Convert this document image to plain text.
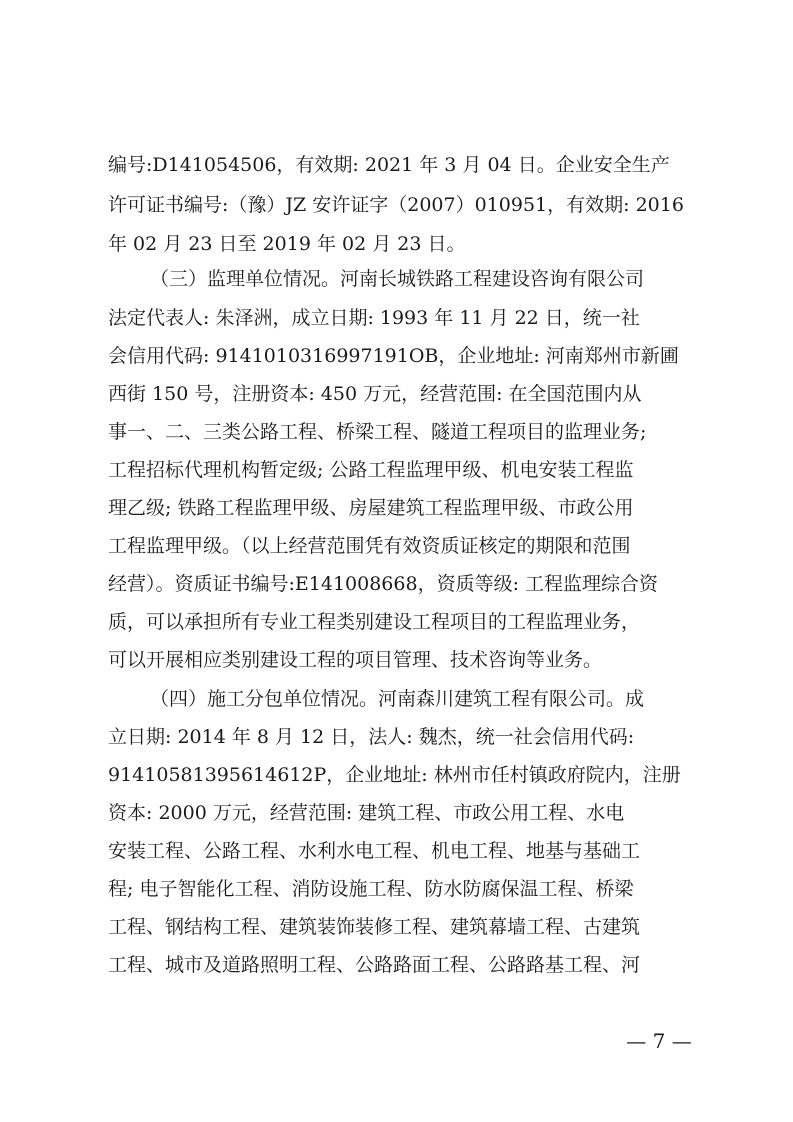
编号:D141054506，有效期: 2021 年 3 月 04 日。企业安全生产
许可证书编号:（豫）JZ 安许证字（2007）010951，有效期: 2016
年 02 月 23 日至 2019 年 02 月 23 日。
（三）监理单位情况。河南长城铁路工程建设咨询有限公司
法定代表人: 朱泽洲，成立日期: 1993 年 11 月 22 日，统一社
会信用代码: 9141010316997191OB，企业地址: 河南郑州市新圃
西街 150 号，注册资本: 450 万元，经营范围: 在全国范围内从
事一、二、三类公路工程、桥梁工程、隧道工程项目的监理业务;
工程招标代理机构暂定级; 公路工程监理甲级、机电安装工程监
理乙级; 铁路工程监理甲级、房屋建筑工程监理甲级、市政公用
工程监理甲级。（以上经营范围凭有效资质证核定的期限和范围
经营）。资质证书编号:E141008668，资质等级: 工程监理综合资
质，可以承担所有专业工程类别建设工程项目的工程监理业务，
可以开展相应类别建设工程的项目管理、技术咨询等业务。
（四）施工分包单位情况。河南森川建筑工程有限公司。成
立日期: 2014 年 8 月 12 日，法人: 魏杰，统一社会信用代码:
91410581395614612P，企业地址: 林州市任村镇政府院内，注册
资本: 2000 万元，经营范围: 建筑工程、市政公用工程、水电
安装工程、公路工程、水利水电工程、机电工程、地基与基础工
程; 电子智能化工程、消防设施工程、防水防腐保温工程、桥梁
工程、钢结构工程、建筑装饰装修工程、建筑幕墙工程、古建筑
工程、城市及道路照明工程、公路路面工程、公路路基工程、河
— 7 —
